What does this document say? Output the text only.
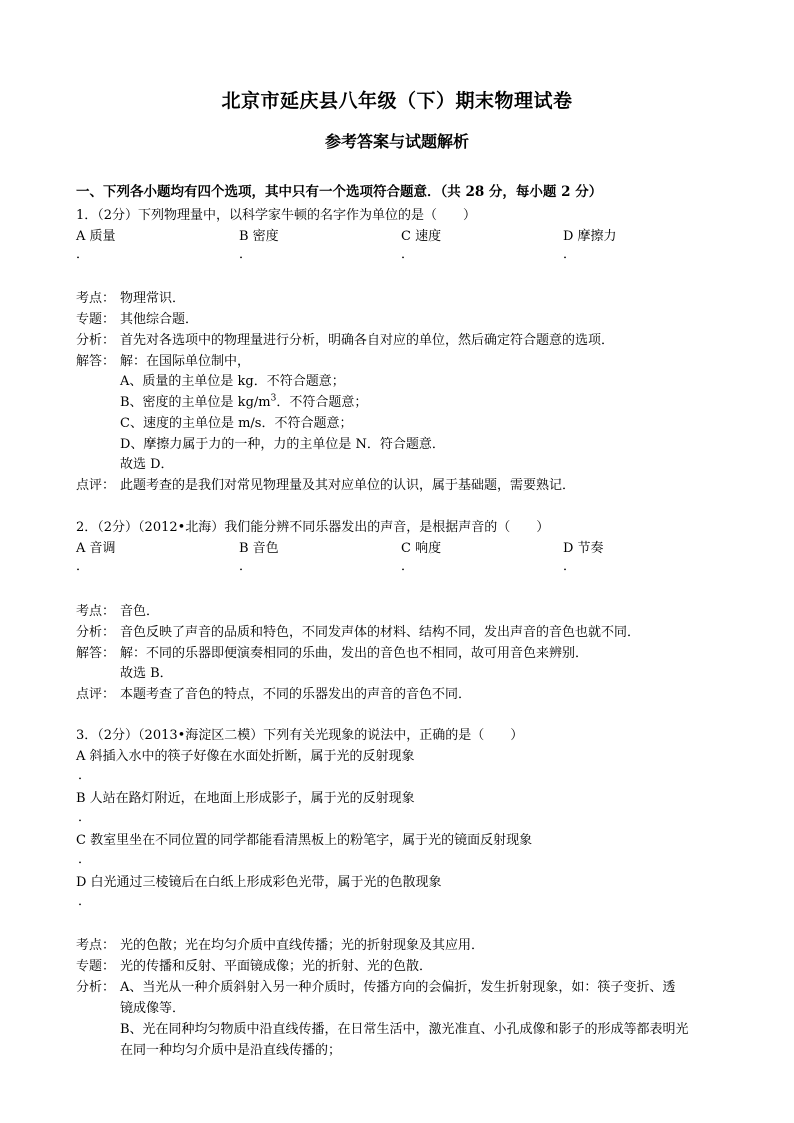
北京市延庆县八年级（下）期末物理试卷
参考答案与试题解析
一、下列各小题均有四个选项，其中只有一个选项符合题意．（共 28 分，每小题 2 分）
1．（2分）下列物理量中，以科学家牛顿的名字作为单位的是（　　）
A 质量	B 密度	C 速度	D 摩擦力
．	．	．	．
考点： 物理常识．
专题： 其他综合题．
分析： 首先对各选项中的物理量进行分析，明确各自对应的单位，然后确定符合题意的选项．
解答： 解：在国际单位制中，
A、质量的主单位是 kg．不符合题意；
B、密度的主单位是 $kg/m^3$．不符合题意；
C、速度的主单位是 m/s．不符合题意；
D、摩擦力属于力的一种，力的主单位是 N．符合题意．
故选 D．
点评： 此题考查的是我们对常见物理量及其对应单位的认识，属于基础题，需要熟记．
2．（2分）（2012•北海）我们能分辨不同乐器发出的声音，是根据声音的（　　）
A 音调	B 音色	C 响度	D 节奏
．	．	．	．
考点： 音色．
分析： 音色反映了声音的品质和特色，不同发声体的材料、结构不同，发出声音的音色也就不同．
解答： 解：不同的乐器即便演奏相同的乐曲，发出的音色也不相同，故可用音色来辨别．
故选 B．
点评： 本题考查了音色的特点，不同的乐器发出的声音的音色不同．
3．（2分）（2013•海淀区二模）下列有关光现象的说法中，正确的是（　　）
A 斜插入水中的筷子好像在水面处折断，属于光的反射现象
．
B 人站在路灯附近，在地面上形成影子，属于光的反射现象
．
C 教室里坐在不同位置的同学都能看清黑板上的粉笔字，属于光的镜面反射现象
．
D 白光通过三棱镜后在白纸上形成彩色光带，属于光的色散现象
．
考点： 光的色散；光在均匀介质中直线传播；光的折射现象及其应用．
专题： 光的传播和反射、平面镜成像；光的折射、光的色散．
分析： A、当光从一种介质斜射入另一种介质时，传播方向的会偏折，发生折射现象，如：筷子变折、透
镜成像等．
B、光在同种均匀物质中沿直线传播，在日常生活中，激光准直、小孔成像和影子的形成等都表明光
在同一种均匀介质中是沿直线传播的；
